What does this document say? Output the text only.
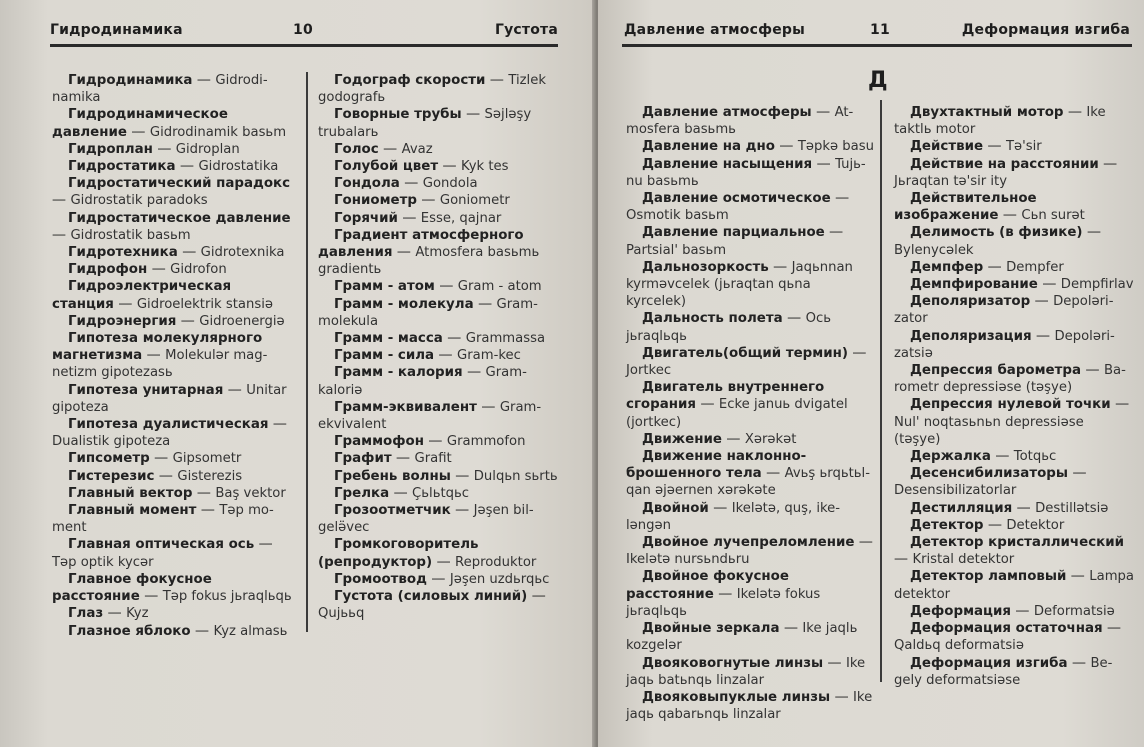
Гидродинамика	10	Густота

Гидродинамика — Gidrodinamika

Гидродинамическое давление — Gidrodinamik basьm

Гидроплан — Gidroplan

Гидростатика — Gidrostatika

Гидростатический парадокс — Gidrostatik paradoks

Гидростатическое давление — Gidrostatik basьm

Гидротехника — Gidrotexnika

Гидрофон — Gidrofon

Гидроэлектрическая станция — Gidroelektrik stansiə

Гидроэнергия — Gidroenergiə

Гипотеза молекулярного магнетизма — Molekulər magnetizm gipotezasь

Гипотеза унитарная — Unitar gipoteza

Гипотеза дуалистическая — Dualistik gipoteza

Гипсометр — Gipsometr

Гистерезис — Gisterezis

Главный вектор — Baş vektor

Главный момент — Təp moment

Главная оптическая ось — Təp optik kycər

Главное фокусное расстояние — Təp fokus jьraqlьqь

Глаз — Kyz

Глазное яблоко — Kyz almasь

Годограф скорости — Tizlek godografь

Говорные трубы — Səjləşy trubalarь

Голос — Avaz

Голубой цвет — Kyk tes

Гондола — Gondola

Гониометр — Goniometr

Горячий — Esse, qajnar

Градиент атмосферного давления — Atmosfera basьmь gradientь

Грамм - атом — Gram - atom

Грамм - молекула — Grammolekula

Грамм - масса — Grammassa

Грамм - сила — Gram-kec

Грамм - калория — Gramkaloriə

Грамм-эквивалент — Gramekvivalent

Граммофон — Grammofon

Графит — Grafit

Гребень волны — Dulqьn sьrtь

Грелка — Çьlьtqьc

Грозоотметчик — Jəşen bilgelə̈vec

Громкоговоритель (репродуктор) — Reproduktor

Громоотвод — Jəşen uzdьrqьc

Густота (силовых линий) — Qujььq

Давление атмосферы	11	Деформация изгиба
Д

Давление атмосферы — Atmosfera basьmь

Давление на дно — Təpkə basu

Давление насыщения — Tujьnu basьmь

Давление осмотическое — Osmotik basьm

Давление парциальное — Partsial' basьm

Дальнозоркость — Jaqьnnan kyrməvcelek (jьraqtan qьna kyrcelek)

Дальность полета — Ocь jьraqlьqь

Двигатель(общий термин) — Jortkec

Двигатель внутреннего сгорания — Ecke januь dvigatel (jortkec)

Движение — Xərəkət

Движение наклонно-брошенного тела — Avьş ьrqьtьlqan əjəernen xərəkəte

Двойной — Ikelətə, quş, ikeləngən

Двойное лучепреломление — Ikelətə nursьndьru

Двойное фокусное расстояние — Ikelətə fokus jьraqlьqь

Двойные зеркала — Ike jaqlь kozgelər

Двояковогнутые линзы — Ike jaqь batьnqь linzalar

Двояковыпуклые линзы — Ike jaqь qabarьnqь linzalar

Двухтактный мотор — Ike taktlь motor

Действие — Tə'sir

Действие на расстоянии — Jьraqtan tə'sir ity

Действительное изображение — Cьn surət

Делимость (в физике) — Bylenycəlek

Демпфер — Dempfer

Демпфирование — Dempfirlav

Деполяризатор — Depolərіzator

Деполяризация — Depolərіzatsiə

Депрессия барометра — Barometr depressiəse (təşye)

Депрессия нулевой точки — Nul' noqtasьnьn depressiəse (təşye)

Держалка — Totqьc

Десенсибилизаторы — Desensibilizatorlar

Дестилляция — Destillətsiə

Детектор — Detektor

Детектор кристаллический — Kristal detektor

Детектор ламповый — Lampa detektor

Деформация — Deformatsiə

Деформация остаточная — Qaldьq deformatsiə

Деформация изгиба — Begely deformatsiəse
